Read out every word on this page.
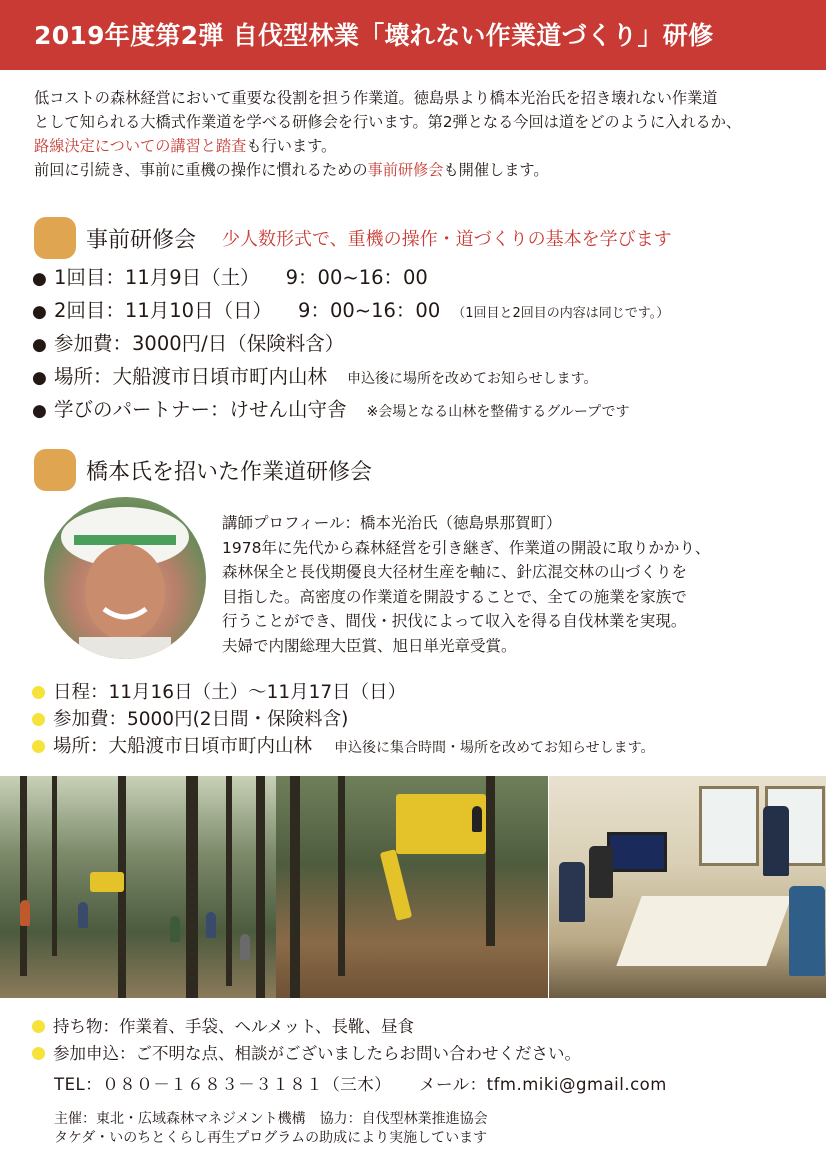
2019年度第2弾 自伐型林業「壊れない作業道づくり」研修

低コストの森林経営において重要な役割を担う作業道。徳島県より橋本光治氏を招き壊れない作業道

として知られる大橋式作業道を学べる研修会を行います。第2弾となる今回は道をどのように入れるか、

路線決定についての講習と踏査も行います。

前回に引続き、事前に重機の操作に慣れるための事前研修会も開催します。

事前研修会 少人数形式で、重機の操作・道づくりの基本を学びます
● 1回目：11月9日（土） 9：00~16：00
● 2回目：11月10日（日） 9：00~16：00 （1回目と2回目の内容は同じです。）
● 参加費：3000円/日（保険料含）
● 場所：大船渡市日頃市町内山林 申込後に場所を改めてお知らせします。
● 学びのパートナー：けせん山守舎 ※会場となる山林を整備するグループです
橋本氏を招いた作業道研修会

講師プロフィール：橋本光治氏（徳島県那賀町）

1978年に先代から森林経営を引き継ぎ、作業道の開設に取りかかり、

森林保全と長伐期優良大径材生産を軸に、針広混交林の山づくりを

目指した。高密度の作業道を開設することで、全ての施業を家族で

行うことができ、間伐・択伐によって収入を得る自伐林業を実現。

夫婦で内閣総理大臣賞、旭日単光章受賞。

日程：11月16日（土）～11月17日（日）
参加費：5000円(2日間・保険料含)
場所：大船渡市日頃市町内山林 申込後に集合時間・場所を改めてお知らせします。
持ち物：作業着、手袋、ヘルメット、長靴、昼食
参加申込：ご不明な点、相談がございましたらお問い合わせください。
TEL：０８０－１６８３－３１８１（三木） メール：tfm.miki@gmail.com

主催：東北・広域森林マネジメント機構　協力：自伐型林業推進協会

タケダ・いのちとくらし再生プログラムの助成により実施しています
